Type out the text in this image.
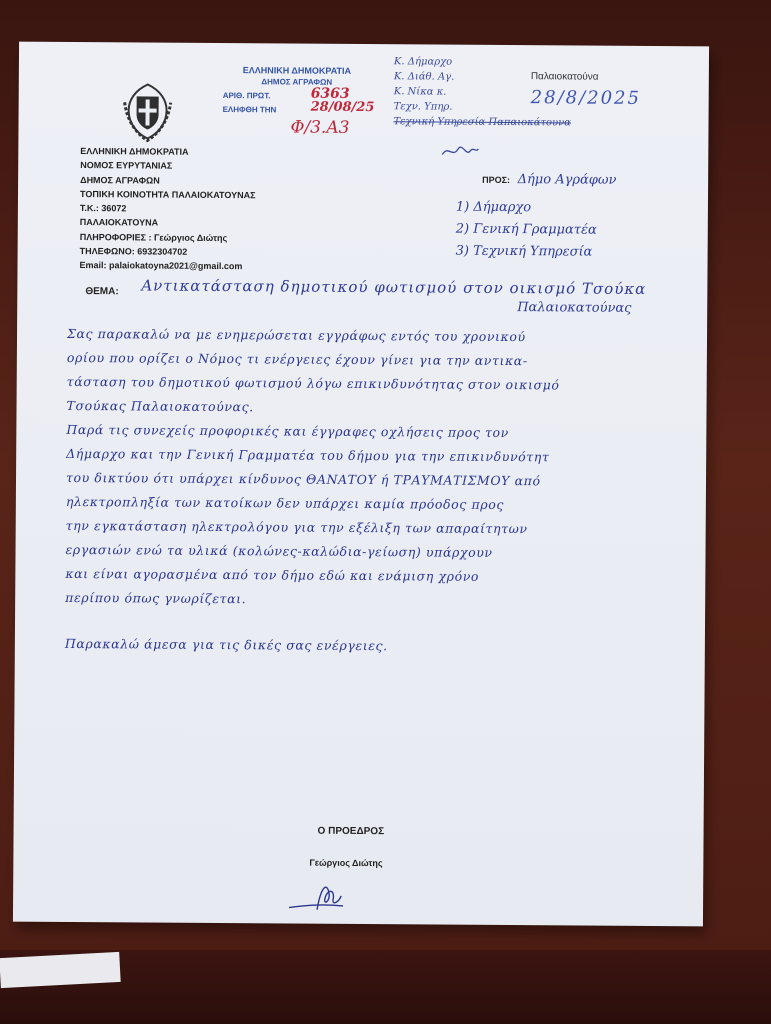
ΕΛΛΗΝΙΚΗ ΔΗΜΟΚΡΑΤΙΑ
ΔΗΜΟΣ ΑΓΡΑΦΩΝ
ΑΡΙΘ. ΠΡΩΤ.
ΕΛΗΦΘΗ ΤΗΝ
6363
28/08/25
Φ/3.Α3
Κ. Δήμαρχο
Κ. Διάθ. Αγ.
Κ. Νίκα κ.
Τεχν. Υπηρ.
Τεχνική Υπηρεσία Παπαιοκάτουνα
Παλαιοκατούνα
28/8/2025
ΕΛΛΗΝΙΚΗ ΔΗΜΟΚΡΑΤΙΑ
ΝΟΜΟΣ ΕΥΡΥΤΑΝΙΑΣ
ΔΗΜΟΣ ΑΓΡΑΦΩΝ
ΤΟΠΙΚΗ ΚΟΙΝΟΤΗΤΑ ΠΑΛΑΙΟΚΑΤΟΥΝΑΣ
Τ.Κ.: 36072
ΠΑΛΑΙΟΚΑΤΟΥΝΑ
ΠΛΗΡΟΦΟΡΙΕΣ : Γεώργιος Διώτης
ΤΗΛΕΦΩΝΟ: 6932304702
Email: palaiokatoyna2021@gmail.com
ΠΡΟΣ: Δήμο Αγράφων
1) Δήμαρχο
2) Γενική Γραμματέα
3) Τεχνική Υπηρεσία
ΘΕΜΑ: Αντικατάσταση δημοτικού φωτισμού στον οικισμό Τσούκα
Παλαιοκατούνας
Σας παρακαλώ να με ενημερώσεται εγγράφως εντός του χρονικού
ορίου που ορίζει ο Νόμος τι ενέργειες έχουν γίνει για την αντικα-
τάσταση του δημοτικού φωτισμού λόγω επικινδυνότητας στον οικισμό
Τσούκας Παλαιοκατούνας.
Παρά τις συνεχείς προφορικές και έγγραφες οχλήσεις προς τον
Δήμαρχο και την Γενική Γραμματέα του δήμου για την επικινδυνότητ
του δικτύου ότι υπάρχει κίνδυνος ΘΑΝΑΤΟΥ ή ΤΡΑΥΜΑΤΙΣΜΟΥ από
ηλεκτροπληξία των κατοίκων δεν υπάρχει καμία πρόοδος προς
την εγκατάσταση ηλεκτρολόγου για την εξέλιξη των απαραίτητων
εργασιών ενώ τα υλικά (κολώνες-καλώδια-γείωση) υπάρχουν
και είναι αγορασμένα από τον δήμο εδώ και ενάμιση χρόνο
περίπου όπως γνωρίζεται.
Παρακαλώ άμεσα για τις δικές σας ενέργειες.
Ο ΠΡΟΕΔΡΟΣ
Γεώργιος Διώτης
